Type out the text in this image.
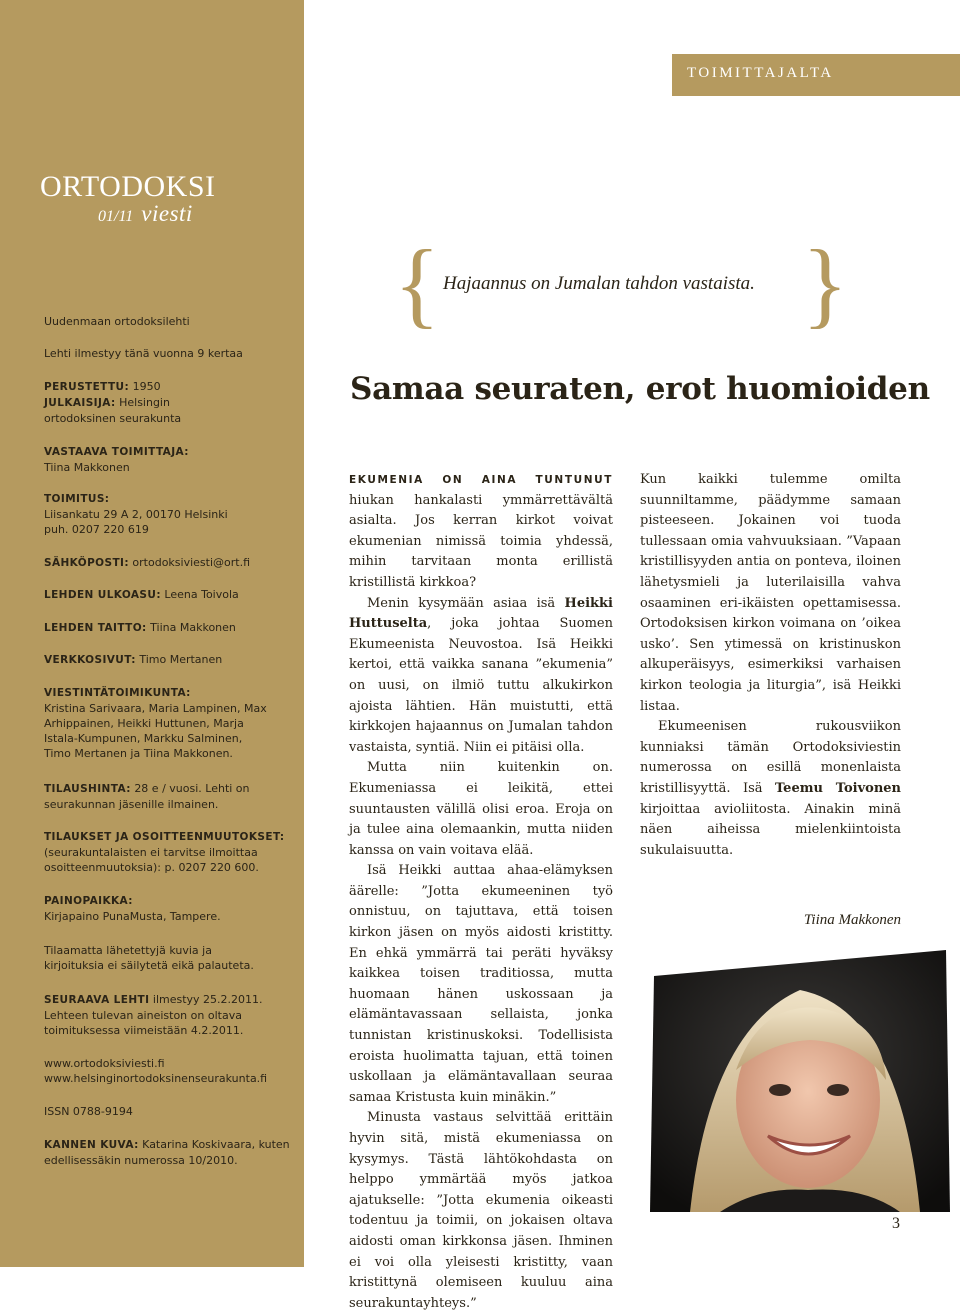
ORTODOKSI
01/11 viesti
Uudenmaan ortodoksilehti
Lehti ilmestyy tänä vuonna 9 kertaa
PERUSTETTU: 1950
JULKAISIJA: Helsingin
ortodoksinen seurakunta
VASTAAVA TOIMITTAJA:
Tiina Makkonen
TOIMITUS:
Liisankatu 29 A 2, 00170 Helsinki
puh. 0207 220 619
SÄHKÖPOSTI: ortodoksiviesti@ort.fi
LEHDEN ULKOASU: Leena Toivola
LEHDEN TAITTO: Tiina Makkonen
VERKKOSIVUT: Timo Mertanen
VIESTINTÄTOIMIKUNTA:
Kristina Sarivaara, Maria Lampinen, Max
Arhippainen, Heikki Huttunen, Marja
Istala-Kumpunen, Markku Salminen,
Timo Mertanen ja Tiina Makkonen.
TILAUSHINTA: 28 e / vuosi. Lehti on
seurakunnan jäsenille ilmainen.
TILAUKSET JA OSOITTEENMUUTOKSET:
(seurakuntalaisten ei tarvitse ilmoittaa
osoitteenmuutoksia): p. 0207 220 600.
PAINOPAIKKA:
Kirjapaino PunaMusta, Tampere.
Tilaamatta lähetettyjä kuvia ja
kirjoituksia ei säilytetä eikä palauteta.
SEURAAVA LEHTI ilmestyy 25.2.2011.
Lehteen tulevan aineiston on oltava
toimituksessa viimeistään 4.2.2011.
www.ortodoksiviesti.fi
www.helsinginortodoksinenseurakunta.fi
ISSN 0788-9194
KANNEN KUVA: Katarina Koskivaara, kuten
edellisessäkin numerossa 10/2010.
TOIMITTAJALTA
{	}
Hajaannus on Jumalan tahdon vastaista.
Samaa seuraten, erot huomioiden

EKUMENIA ON AINA TUNTUNUT hiukan hankalasti ymmärrettävältä asialta. Jos kerran kirkot voivat ekumenian nimissä toimia yhdessä, mihin tarvitaan monta erillistä kristillistä kirkkoa?

Menin kysymään asiaa isä Heikki Huttuselta, joka johtaa Suomen Ekumeenista Neuvostoa. Isä Heikki kertoi, että vaikka sanana ”ekumenia” on uusi, on ilmiö tuttu alkukirkon ajoista lähtien. Hän muistutti, että kirkkojen hajaannus on Jumalan tahdon vastaista, syntiä. Niin ei pitäisi olla.

Mutta niin kuitenkin on. Ekumeniassa ei leikitä, ettei suuntausten välillä olisi eroa. Eroja on ja tulee aina olemaankin, mutta niiden kanssa on vain voitava elää.

Isä Heikki auttaa ahaa-elämyksen äärelle: ”Jotta ekumeeninen työ onnistuu, on tajuttava, että toisen kirkon jäsen on myös aidosti kristitty. En ehkä ymmärrä tai peräti hyväksy kaikkea toisen traditiossa, mutta huomaan hänen uskossaan ja elämäntavassaan sellaista, jonka tunnistan kristinuskoksi. Todellisista eroista huolimatta tajuan, että toinen uskollaan ja elämäntavallaan seuraa samaa Kristusta kuin minäkin.”

Minusta vastaus selvittää erittäin hyvin sitä, mistä ekumeniassa on kysymys. Tästä lähtökohdasta on helppo ymmärtää myös jatkoa ajatukselle: ”Jotta ekumenia oikeasti todentuu ja toimii, on jokaisen oltava aidosti oman kirkkonsa jäsen. Ihminen ei voi olla yleisesti kristitty, vaan kristittynä olemiseen kuuluu aina seurakuntayhteys.”

Kun kaikki tulemme omilta suunniltamme, päädymme samaan pisteeseen. Jokainen voi tuoda tullessaan omia vahvuuksiaan. ”Vapaan kristillisyyden antia on ponteva, iloinen lähetysmieli ja luterilaisilla vahva osaaminen eri-ikäisten opettamisessa. Ortodoksisen kirkon voimana on ’oikea usko’. Sen ytimessä on kristinuskon alkuperäisyys, esimerkiksi varhaisen kirkon teologia ja liturgia”, isä Heikki listaa.

Ekumeenisen rukousviikon kunniaksi tämän Ortodoksiviestin numerossa on esillä monenlaista kristillisyyttä. Isä Teemu Toivonen kirjoittaa avioliitosta. Ainakin minä näen aiheissa mielenkiintoista sukulaisuutta.

Tiina Makkonen
3
